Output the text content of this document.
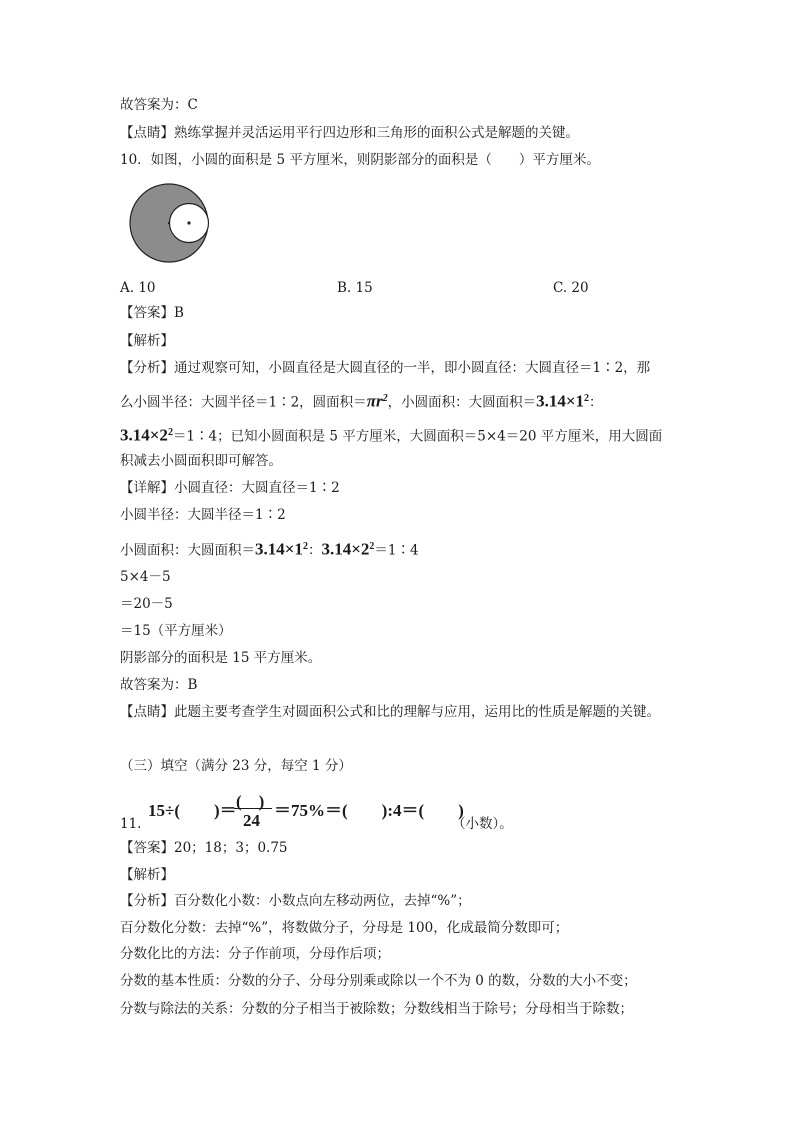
故答案为：C
【点睛】熟练掌握并灵活运用平行四边形和三角形的面积公式是解题的关键。
10．如图，小圆的面积是 5 平方厘米，则阴影部分的面积是（　　）平方厘米。
A. 10	B. 15	C. 20
【答案】B
【解析】
【分析】通过观察可知，小圆直径是大圆直径的一半，即小圆直径：大圆直径＝1∶2，那
么小圆半径：大圆半径＝1∶2，圆面积$=\pi r^2$，小圆面积：大圆面积$=3.14\times 1^2$：
$3.14\times 2^2=1∶4$；已知小圆面积是 5 平方厘米，大圆面积＝5×4＝20 平方厘米，用大圆面
积减去小圆面积即可解答。
【详解】小圆直径：大圆直径＝1∶2
小圆半径：大圆半径＝1∶2
小圆面积：大圆面积$=3.14\times 1^2$：$3.14\times 2^2=1∶4$
5×4－5
＝20－5
＝15（平方厘米）
阴影部分的面积是 15 平方厘米。
故答案为：B
【点睛】此题主要考查学生对圆面积公式和比的理解与应用，运用比的性质是解题的关键。
（三）填空（满分 23 分，每空 1 分）
11.
15÷(　　)＝ (　)
24
＝75%＝(　　):4＝(　　)
（小数）。
【答案】20；18；3；0.75
【解析】
【分析】百分数化小数：小数点向左移动两位，去掉“%”；
百分数化分数：去掉“%”，将数做分子，分母是 100，化成最简分数即可；
分数化比的方法：分子作前项，分母作后项；
分数的基本性质：分数的分子、分母分别乘或除以一个不为 0 的数，分数的大小不变；
分数与除法的关系：分数的分子相当于被除数；分数线相当于除号；分母相当于除数；
